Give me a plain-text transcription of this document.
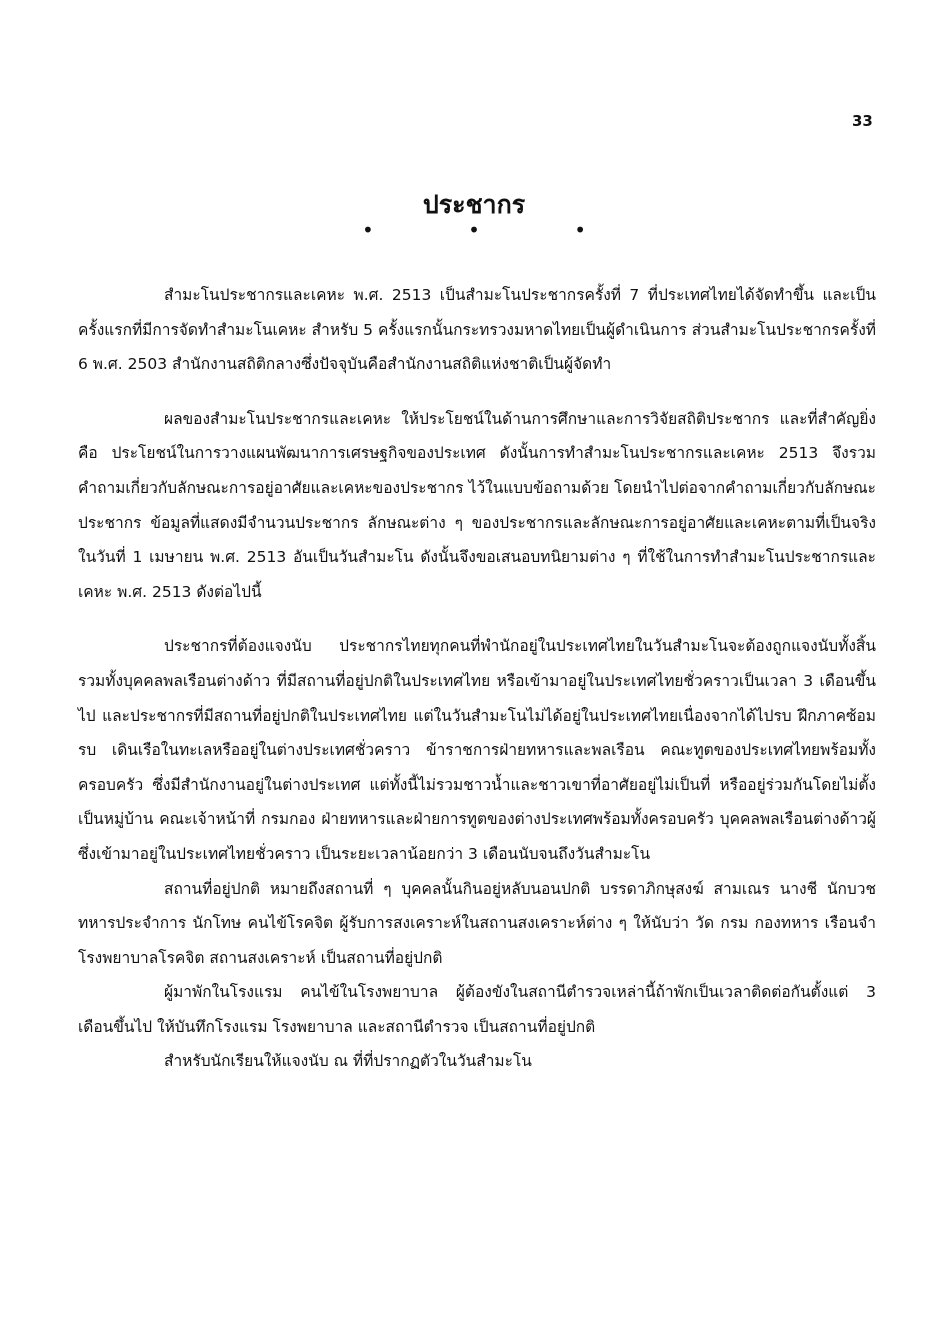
33
ประชากร
• • •

สำมะโนประชากรและเคหะ พ.ศ. 2513 เป็นสำมะโนประชากรครั้งที่ 7 ที่ประเทศไทยได้จัดทำขึ้น และเป็นครั้งแรกที่มีการจัดทำสำมะโนเคหะ สำหรับ 5 ครั้งแรกนั้นกระทรวงมหาดไทยเป็นผู้ดำเนินการ ส่วนสำมะโนประชากรครั้งที่ 6 พ.ศ. 2503 สำนักงานสถิติกลางซึ่งปัจจุบันคือสำนักงานสถิติแห่งชาติเป็นผู้จัดทำ

ผลของสำมะโนประชากรและเคหะ ให้ประโยชน์ในด้านการศึกษาและการวิจัยสถิติประชากร และที่สำคัญยิ่งคือ ประโยชน์ในการวางแผนพัฒนาการเศรษฐกิจของประเทศ ดังนั้นการทำสำมะโนประชากรและเคหะ 2513 จึงรวมคำถามเกี่ยวกับลักษณะการอยู่อาศัยและเคหะของประชากร ไว้ในแบบข้อถามด้วย โดยนำไปต่อจากคำถามเกี่ยวกับลักษณะประชากร ข้อมูลที่แสดงมีจำนวนประชากร ลักษณะต่าง ๆ ของประชากรและลักษณะการอยู่อาศัยและเคหะตามที่เป็นจริง ในวันที่ 1 เมษายน พ.ศ. 2513 อันเป็นวันสำมะโน ดังนั้นจึงขอเสนอบทนิยามต่าง ๆ ที่ใช้ในการทำสำมะโนประชากรและเคหะ พ.ศ. 2513 ดังต่อไปนี้

ประชากรที่ต้องแจงนับ ประชากรไทยทุกคนที่พำนักอยู่ในประเทศไทยในวันสำมะโนจะต้องถูกแจงนับทั้งสิ้น รวมทั้งบุคคลพลเรือนต่างด้าว ที่มีสถานที่อยู่ปกติในประเทศไทย หรือเข้ามาอยู่ในประเทศไทยชั่วคราวเป็นเวลา 3 เดือนขึ้นไป และประชากรที่มีสถานที่อยู่ปกติในประเทศไทย แต่ในวันสำมะโนไม่ได้อยู่ในประเทศไทยเนื่องจากได้ไปรบ ฝึกภาคซ้อมรบ เดินเรือในทะเลหรืออยู่ในต่างประเทศชั่วคราว ข้าราชการฝ่ายทหารและพลเรือน คณะทูตของประเทศไทยพร้อมทั้งครอบครัว ซึ่งมีสำนักงานอยู่ในต่างประเทศ แต่ทั้งนี้ไม่รวมชาวน้ำและชาวเขาที่อาศัยอยู่ไม่เป็นที่ หรืออยู่ร่วมกันโดยไม่ตั้งเป็นหมู่บ้าน คณะเจ้าหน้าที่ กรมกอง ฝ่ายทหารและฝ่ายการทูตของต่างประเทศพร้อมทั้งครอบครัว บุคคลพลเรือนต่างด้าวผู้ซึ่งเข้ามาอยู่ในประเทศไทยชั่วคราว เป็นระยะเวลาน้อยกว่า 3 เดือนนับจนถึงวันสำมะโน

สถานที่อยู่ปกติ หมายถึงสถานที่ ๆ บุคคลนั้นกินอยู่หลับนอนปกติ บรรดาภิกษุสงฆ์ สามเณร นางชี นักบวช ทหารประจำการ นักโทษ คนไข้โรคจิต ผู้รับการสงเคราะห์ในสถานสงเคราะห์ต่าง ๆ ให้นับว่า วัด กรม กองทหาร เรือนจำ โรงพยาบาลโรคจิต สถานสงเคราะห์ เป็นสถานที่อยู่ปกติ

ผู้มาพักในโรงแรม คนไข้ในโรงพยาบาล ผู้ต้องขังในสถานีตำรวจเหล่านี้ถ้าพักเป็นเวลาติดต่อกันตั้งแต่ 3 เดือนขึ้นไป ให้บันทึกโรงแรม โรงพยาบาล และสถานีตำรวจ เป็นสถานที่อยู่ปกติ

สำหรับนักเรียนให้แจงนับ ณ ที่ที่ปรากฏตัวในวันสำมะโน
